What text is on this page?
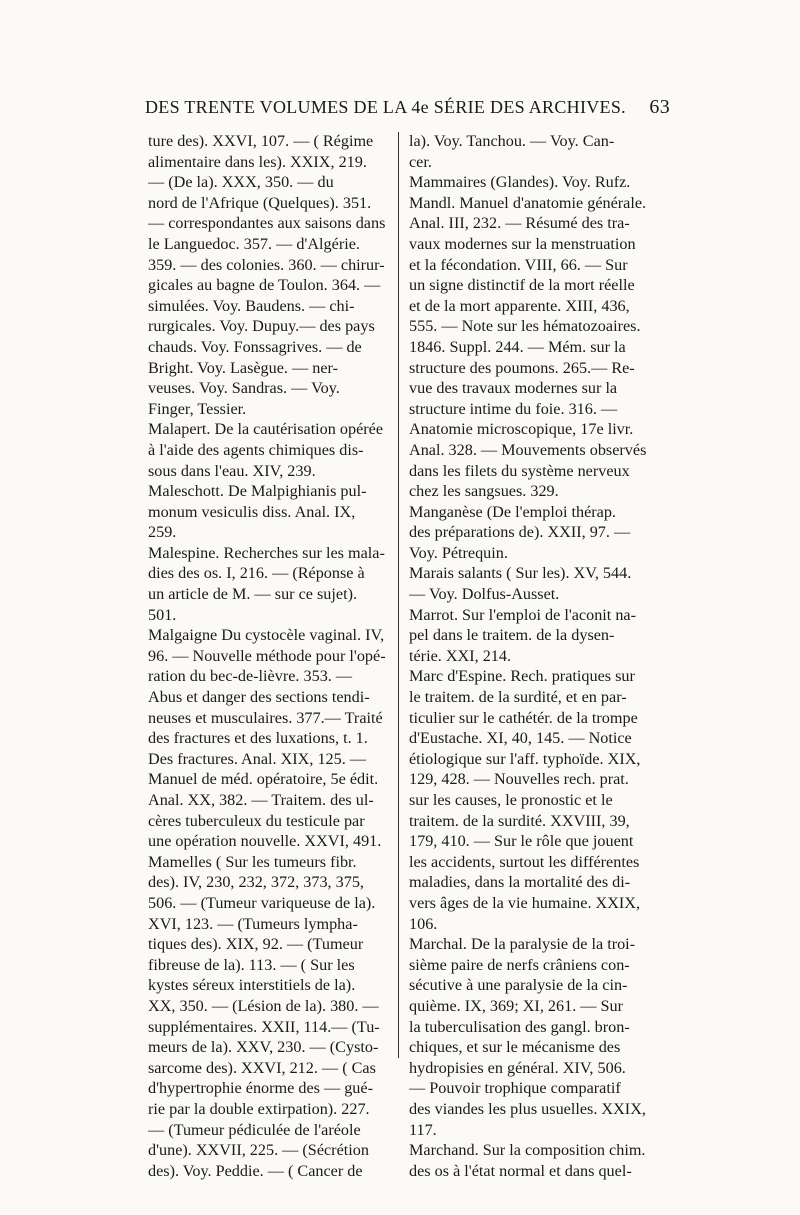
DES TRENTE VOLUMES DE LA 4e SÉRIE DES ARCHIVES. 63
ture des). XXVI, 107. — ( Régime
alimentaire dans les). XXIX, 219.
— (De la). XXX, 350. — du
nord de l'Afrique (Quelques). 351.
— correspondantes aux saisons dans
le Languedoc. 357. — d'Algérie.
359. — des colonies. 360. — chirur-
gicales au bagne de Toulon. 364. —
simulées. Voy. Baudens. — chi-
rurgicales. Voy. Dupuy.— des pays
chauds. Voy. Fonssagrives. — de
Bright. Voy. Lasègue. — ner-
veuses. Voy. Sandras. — Voy.
Finger, Tessier.
Malapert. De la cautérisation opérée
à l'aide des agents chimiques dis-
sous dans l'eau. XIV, 239.
Maleschott. De Malpighianis pul-
monum vesiculis diss. Anal. IX,
259.
Malespine. Recherches sur les mala-
dies des os. I, 216. — (Réponse à
un article de M. — sur ce sujet).
501.
Malgaigne Du cystocèle vaginal. IV,
96. — Nouvelle méthode pour l'opé-
ration du bec-de-lièvre. 353. —
Abus et danger des sections tendi-
neuses et musculaires. 377.— Traité
des fractures et des luxations, t. 1.
Des fractures. Anal. XIX, 125. —
Manuel de méd. opératoire, 5e édit.
Anal. XX, 382. — Traitem. des ul-
cères tuberculeux du testicule par
une opération nouvelle. XXVI, 491.
Mamelles ( Sur les tumeurs fibr.
des). IV, 230, 232, 372, 373, 375,
506. — (Tumeur variqueuse de la).
XVI, 123. — (Tumeurs lympha-
tiques des). XIX, 92. — (Tumeur
fibreuse de la). 113. — ( Sur les
kystes séreux interstitiels de la).
XX, 350. — (Lésion de la). 380. —
supplémentaires. XXII, 114.— (Tu-
meurs de la). XXV, 230. — (Cysto-
sarcome des). XXVI, 212. — ( Cas
d'hypertrophie énorme des — gué-
rie par la double extirpation). 227.
— (Tumeur pédiculée de l'aréole
d'une). XXVII, 225. — (Sécrétion
des). Voy. Peddie. — ( Cancer de
la). Voy. Tanchou. — Voy. Can-
cer.
Mammaires (Glandes). Voy. Rufz.
Mandl. Manuel d'anatomie générale.
Anal. III, 232. — Résumé des tra-
vaux modernes sur la menstruation
et la fécondation. VIII, 66. — Sur
un signe distinctif de la mort réelle
et de la mort apparente. XIII, 436,
555. — Note sur les hématozoaires.
1846. Suppl. 244. — Mém. sur la
structure des poumons. 265.— Re-
vue des travaux modernes sur la
structure intime du foie. 316. —
Anatomie microscopique, 17e livr.
Anal. 328. — Mouvements observés
dans les filets du système nerveux
chez les sangsues. 329.
Manganèse (De l'emploi thérap.
des préparations de). XXII, 97. —
Voy. Pétrequin.
Marais salants ( Sur les). XV, 544.
— Voy. Dolfus-Ausset.
Marrot. Sur l'emploi de l'aconit na-
pel dans le traitem. de la dysen-
térie. XXI, 214.
Marc d'Espine. Rech. pratiques sur
le traitem. de la surdité, et en par-
ticulier sur le cathétér. de la trompe
d'Eustache. XI, 40, 145. — Notice
étiologique sur l'aff. typhoïde. XIX,
129, 428. — Nouvelles rech. prat.
sur les causes, le pronostic et le
traitem. de la surdité. XXVIII, 39,
179, 410. — Sur le rôle que jouent
les accidents, surtout les différentes
maladies, dans la mortalité des di-
vers âges de la vie humaine. XXIX,
106.
Marchal. De la paralysie de la troi-
sième paire de nerfs crâniens con-
sécutive à une paralysie de la cin-
quième. IX, 369; XI, 261. — Sur
la tuberculisation des gangl. bron-
chiques, et sur le mécanisme des
hydropisies en général. XIV, 506.
— Pouvoir trophique comparatif
des viandes les plus usuelles. XXIX,
117.
Marchand. Sur la composition chim.
des os à l'état normal et dans quel-
